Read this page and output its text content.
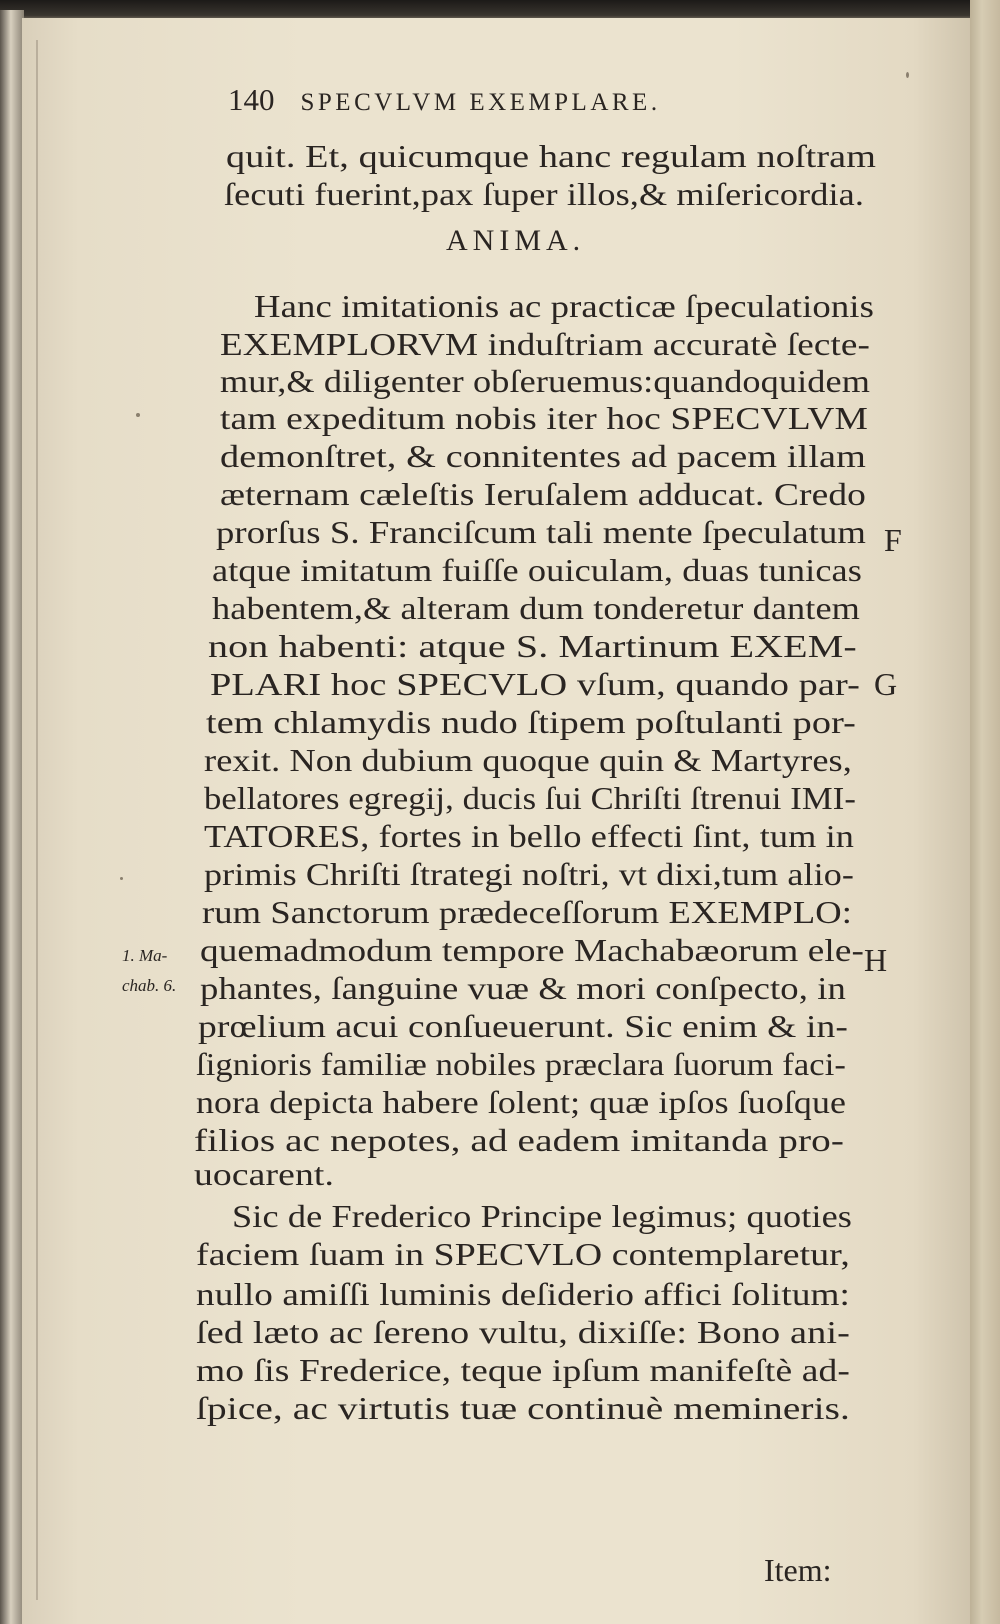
140 SPECVLVM EXEMPLARE.
quit. Et, quicumque hanc regulam noſtram
ſecuti fuerint,pax ſuper illos,& miſericordia.
Hanc imitationis ac practicæ ſpeculationis
EXEMPLORVM induſtriam accuratè ſecte-
mur,& diligenter obſeruemus:quandoquidem
tam expeditum nobis iter hoc SPECVLVM
demonſtret, & connitentes ad pacem illam
æternam cæleſtis Ieruſalem adducat. Credo
prorſus S. Franciſcum tali mente ſpeculatum
atque imitatum fuiſſe ouiculam, duas tunicas
habentem,& alteram dum tonderetur dantem
non habenti: atque S. Martinum EXEM-
PLARI hoc SPECVLO vſum, quando par-
tem chlamydis nudo ſtipem poſtulanti por-
rexit. Non dubium quoque quin & Martyres,
bellatores egregij, ducis ſui Chriſti ſtrenui IMI-
TATORES, fortes in bello effecti ſint, tum in
primis Chriſti ſtrategi noſtri, vt dixi,tum alio-
rum Sanctorum prædeceſſorum EXEMPLO:
quemadmodum tempore Machabæorum ele-
phantes, ſanguine vuæ & mori conſpecto, in
prœlium acui conſueuerunt. Sic enim & in-
ſignioris familiæ nobiles præclara ſuorum faci-
nora depicta habere ſolent; quæ ipſos ſuoſque
filios ac nepotes, ad eadem imitanda pro-
uocarent.
Sic de Frederico Principe legimus; quoties
faciem ſuam in SPECVLO contemplaretur,
nullo amiſſi luminis deſiderio affici ſolitum:
ſed læto ac ſereno vultu, dixiſſe: Bono ani-
mo ſis Frederice, teque ipſum manifeſtè ad-
ſpice, ac virtutis tuæ continuè memineris.
ANIMA.
F
G
H
1. Ma-
chab. 6.
Item:
